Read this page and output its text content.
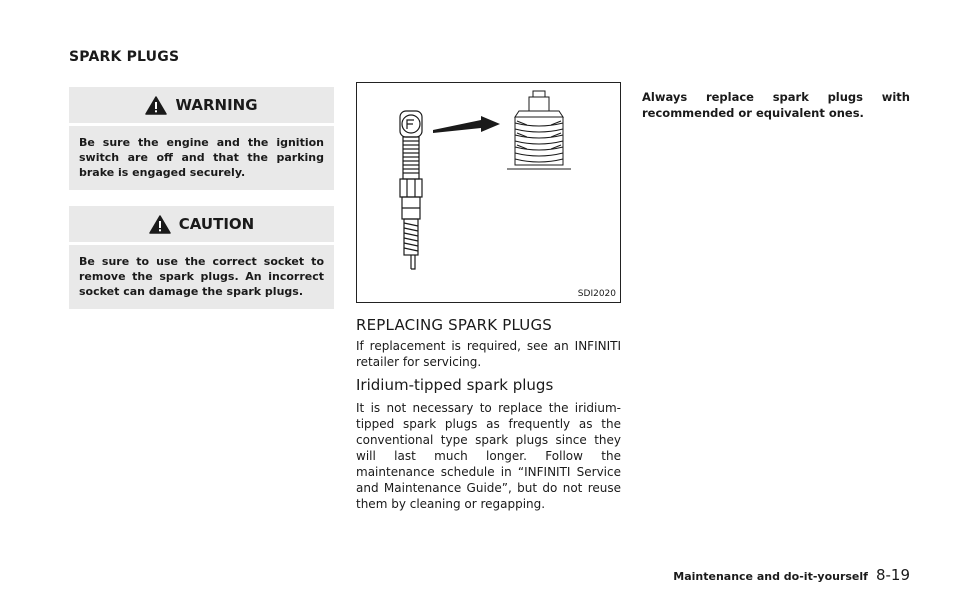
SPARK PLUGS
WARNING
Be sure the engine and the ignition switch are off and that the parking brake is engaged securely.
CAUTION
Be sure to use the correct socket to remove the spark plugs. An incorrect socket can damage the spark plugs.	SDI2020
REPLACING SPARK PLUGS
If replacement is required, see an INFINITI retailer for servicing.
Iridium-tipped spark plugs
It is not necessary to replace the iridium-tipped spark plugs as frequently as the conventional type spark plugs since they will last much longer. Follow the maintenance schedule in “INFINITI Service and Maintenance Guide”, but do not reuse them by cleaning or regapping.
Always replace spark plugs with recommended or equivalent ones.
Maintenance and do-it-yourself 8-19
